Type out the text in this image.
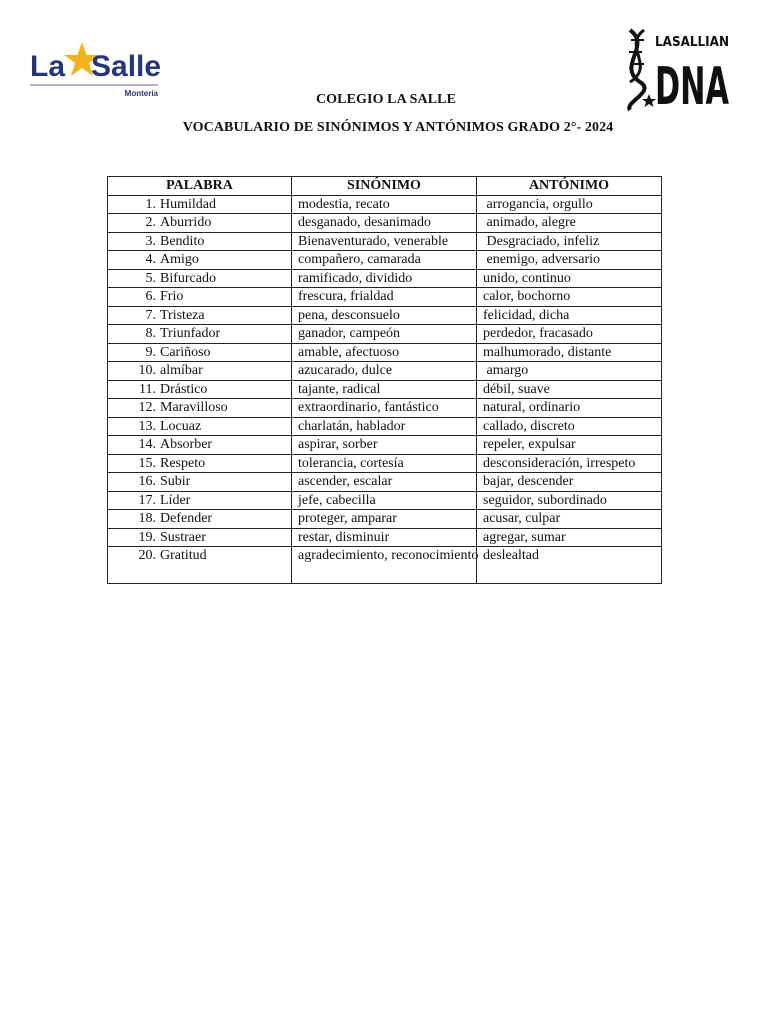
La Salle
Montería
LASALLIAN
DNA
COLEGIO LA SALLE
VOCABULARIO DE SINÓNIMOS Y ANTÓNIMOS GRADO 2°- 2024
PALABRA	SINÓNIMO	ANTÓNIMO
1. Humildad	modestia, recato	arrogancia, orgullo
2. Aburrido	desganado, desanimado	animado, alegre
3. Bendito	Bienaventurado, venerable	Desgraciado, infeliz
4. Amigo	compañero, camarada	enemigo, adversario
5. Bifurcado	ramificado, dividido	unido, continuo
6. Frio	frescura, frialdad	calor, bochorno
7. Tristeza	pena, desconsuelo	felicidad, dicha
8. Triunfador	ganador, campeón	perdedor, fracasado
9. Cariñoso	amable, afectuoso	malhumorado, distante
10. almíbar	azucarado, dulce	amargo
11. Drástico	tajante, radical	débil, suave
12. Maravilloso	extraordinario, fantástico	natural, ordinario
13. Locuaz	charlatán, hablador	callado, discreto
14. Absorber	aspirar, sorber	repeler, expulsar
15. Respeto	tolerancia, cortesía	desconsideración, irrespeto
16. Subir	ascender, escalar	bajar, descender
17. Líder	jefe, cabecilla	seguidor, subordinado
18. Defender	proteger, amparar	acusar, culpar
19. Sustraer	restar, disminuir	agregar, sumar
20. Gratitud	agradecimiento, reconocimiento	deslealtad
